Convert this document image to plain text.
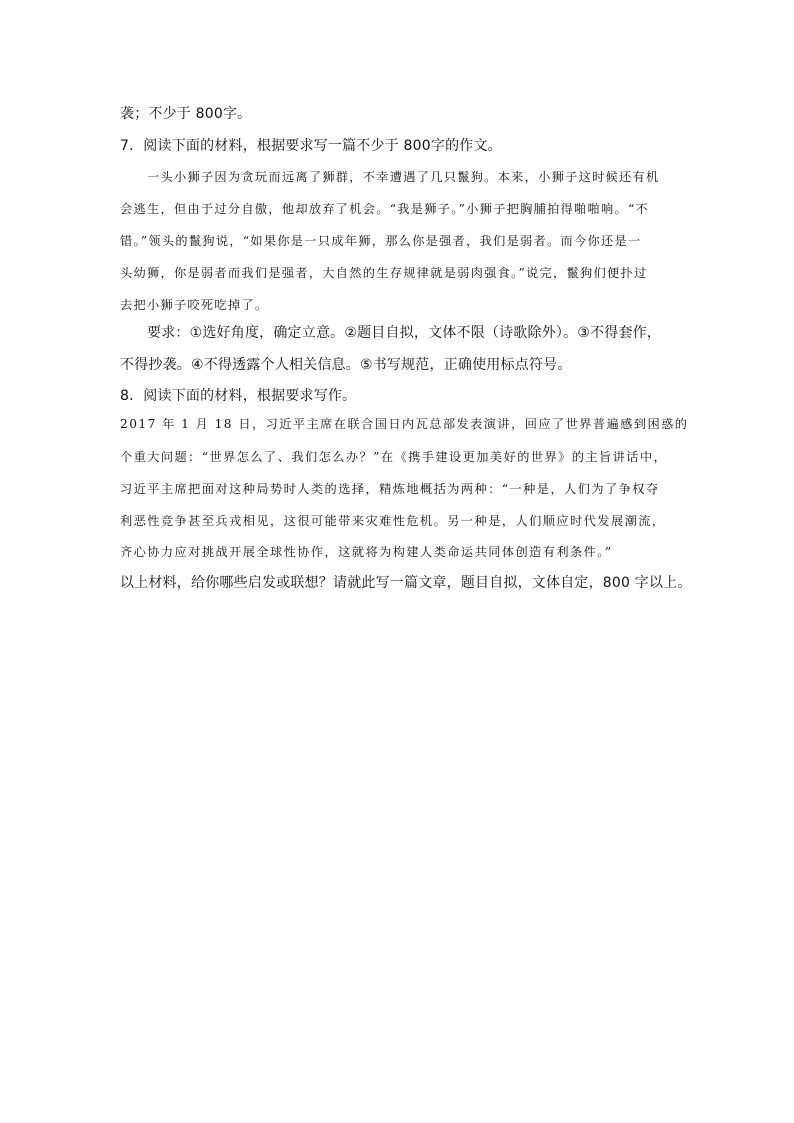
袭；不少于 800字。
7．阅读下面的材料，根据要求写一篇不少于 800字的作文。
一头小狮子因为贪玩而远离了狮群，不幸遭遇了几只鬣狗。本来，小狮子这时候还有机
会逃生，但由于过分自傲，他却放弃了机会。“我是狮子。”小狮子把胸脯拍得啪啪响。“不
错。”领头的鬣狗说，“如果你是一只成年狮，那么你是强者，我们是弱者。而今你还是一
头幼狮，你是弱者而我们是强者，大自然的生存规律就是弱肉强食。”说完，鬣狗们便扑过
去把小狮子咬死吃掉了。
要求：①选好角度，确定立意。②题目自拟，文体不限（诗歌除外）。③不得套作，
不得抄袭。④不得透露个人相关信息。⑤书写规范，正确使用标点符号。
8．阅读下面的材料，根据要求写作。
2017 年 1 月 18 日，习近平主席在联合国日内瓦总部发表演讲，回应了世界普遍感到困惑的
个重大问题：“世界怎么了、我们怎么办？”在《携手建设更加美好的世界》的主旨讲话中，
习近平主席把面对这种局势时人类的选择，精炼地概括为两种：“一种是，人们为了争权夺
利恶性竞争甚至兵戎相见，这很可能带来灾难性危机。另一种是，人们顺应时代发展潮流，
齐心协力应对挑战开展全球性协作，这就将为构建人类命运共同体创造有利条件。”
以上材料，给你哪些启发或联想？请就此写一篇文章，题目自拟，文体自定，800 字以上。
